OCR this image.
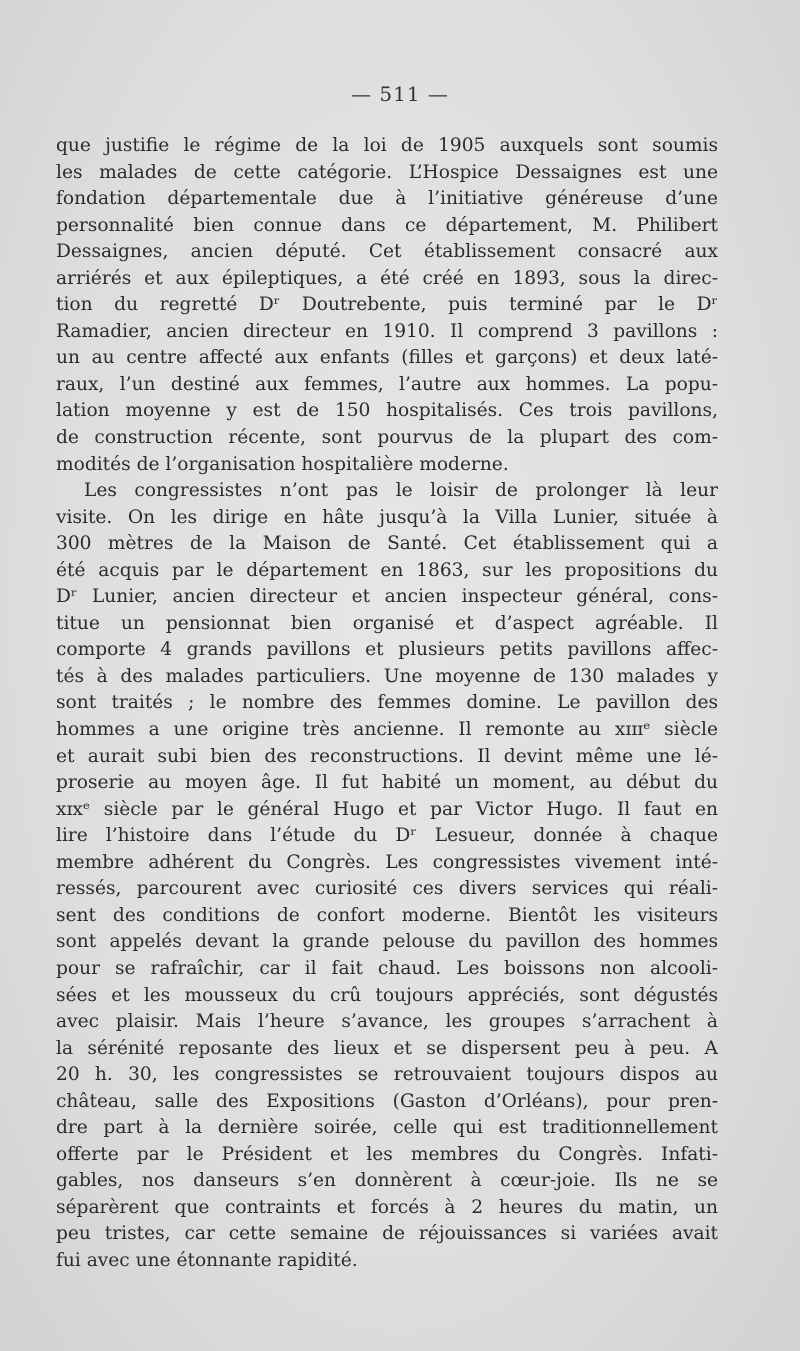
— 511 —
que justifie le régime de la loi de 1905 auxquels sont soumis
les malades de cette catégorie. L’Hospice Dessaignes est une
fondation départementale due à l’initiative généreuse d’une
personnalité bien connue dans ce département, M. Philibert
Dessaignes, ancien député. Cet établissement consacré aux
arriérés et aux épileptiques, a été créé en 1893, sous la direc-
tion du regretté Dʳ Doutrebente, puis terminé par le Dʳ
Ramadier, ancien directeur en 1910. Il comprend 3 pavillons :
un au centre affecté aux enfants (filles et garçons) et deux laté-
raux, l’un destiné aux femmes, l’autre aux hommes. La popu-
lation moyenne y est de 150 hospitalisés. Ces trois pavillons,
de construction récente, sont pourvus de la plupart des com-
modités de l’organisation hospitalière moderne.
Les congressistes n’ont pas le loisir de prolonger là leur
visite. On les dirige en hâte jusqu’à la Villa Lunier, située à
300 mètres de la Maison de Santé. Cet établissement qui a
été acquis par le département en 1863, sur les propositions du
Dʳ Lunier, ancien directeur et ancien inspecteur général, cons-
titue un pensionnat bien organisé et d’aspect agréable. Il
comporte 4 grands pavillons et plusieurs petits pavillons affec-
tés à des malades particuliers. Une moyenne de 130 malades y
sont traités ; le nombre des femmes domine. Le pavillon des
hommes a une origine très ancienne. Il remonte au xɪɪɪᵉ siècle
et aurait subi bien des reconstructions. Il devint même une lé-
proserie au moyen âge. Il fut habité un moment, au début du
xɪxᵉ siècle par le général Hugo et par Victor Hugo. Il faut en
lire l’histoire dans l’étude du Dʳ Lesueur, donnée à chaque
membre adhérent du Congrès. Les congressistes vivement inté-
ressés, parcourent avec curiosité ces divers services qui réali-
sent des conditions de confort moderne. Bientôt les visiteurs
sont appelés devant la grande pelouse du pavillon des hommes
pour se rafraîchir, car il fait chaud. Les boissons non alcooli-
sées et les mousseux du crû toujours appréciés, sont dégustés
avec plaisir. Mais l’heure s’avance, les groupes s’arrachent à
la sérénité reposante des lieux et se dispersent peu à peu. A
20 h. 30, les congressistes se retrouvaient toujours dispos au
château, salle des Expositions (Gaston d’Orléans), pour pren-
dre part à la dernière soirée, celle qui est traditionnellement
offerte par le Président et les membres du Congrès. Infati-
gables, nos danseurs s’en donnèrent à cœur-joie. Ils ne se
séparèrent que contraints et forcés à 2 heures du matin, un
peu tristes, car cette semaine de réjouissances si variées avait
fui avec une étonnante rapidité.
